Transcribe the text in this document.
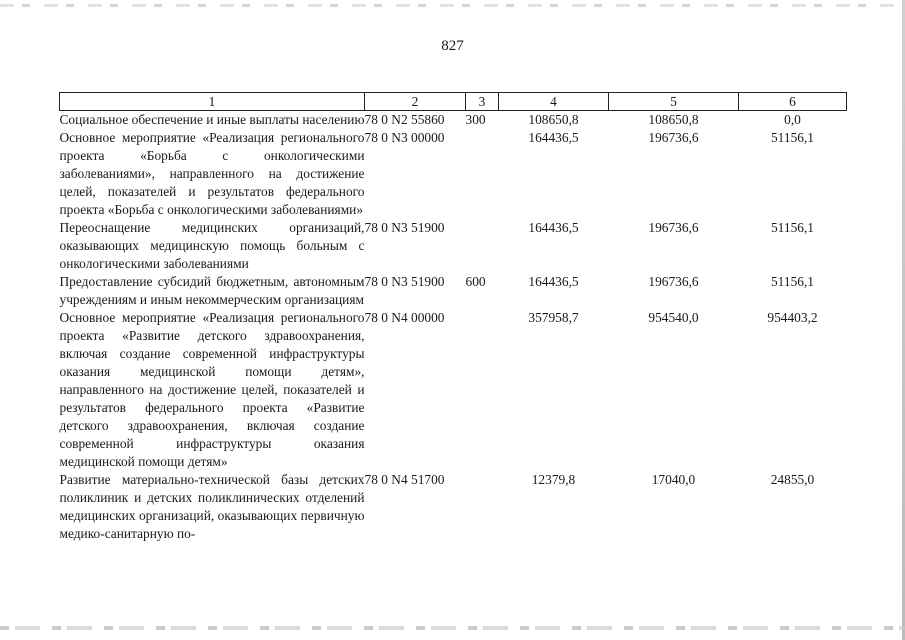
827
1	2	3	4	5	6
Социальное обеспечение и иные выплаты населению	78 0 N2 55860	300	108650,8	108650,8	0,0
Основное мероприятие «Реализация регионального проекта «Борьба с онкологическими заболеваниями», направленного на достижение целей, показателей и результатов федерального проекта «Борьба с онкологическими заболеваниями»	78 0 N3 00000		164436,5	196736,6	51156,1
Переоснащение медицинских организаций, оказывающих медицинскую помощь больным с онкологическими заболеваниями	78 0 N3 51900		164436,5	196736,6	51156,1
Предоставление субсидий бюджетным, автономным учреждениям и иным некоммерческим организациям	78 0 N3 51900	600	164436,5	196736,6	51156,1
Основное мероприятие «Реализация регионального проекта «Развитие детского здравоохранения, включая создание современной инфраструктуры оказания медицинской помощи детям», направленного на достижение целей, показателей и результатов федерального проекта «Развитие детского здравоохранения, включая создание современной инфраструктуры оказания медицинской помощи детям»	78 0 N4 00000		357958,7	954540,0	954403,2
Развитие материально-технической базы детских поликлиник и детских поликлинических отделений медицинских организаций, оказывающих первичную медико-санитарную по-	78 0 N4 51700		12379,8	17040,0	24855,0
